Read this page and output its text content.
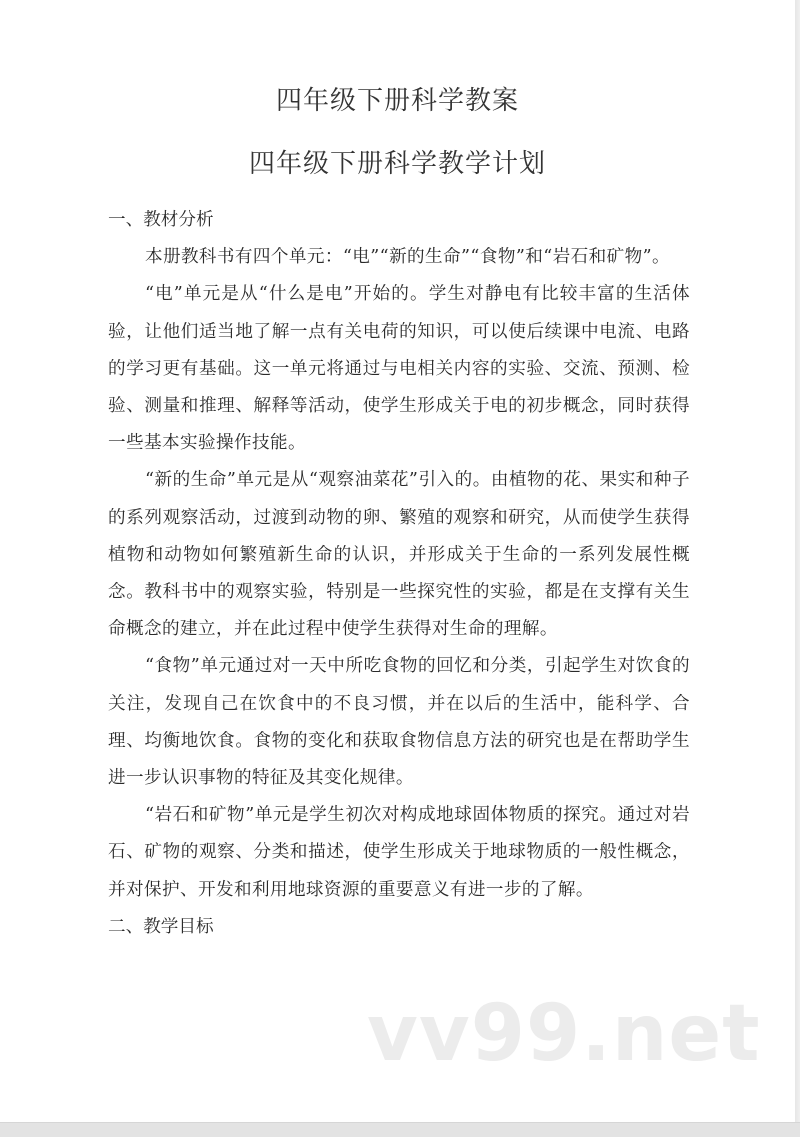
四年级下册科学教案
四年级下册科学教学计划
一、教材分析

本册教科书有四个单元：“电”“新的生命”“食物”和“岩石和矿物”。

“电”单元是从“什么是电”开始的。学生对静电有比较丰富的生活体验，让他们适当地了解一点有关电荷的知识，可以使后续课中电流、电路的学习更有基础。这一单元将通过与电相关内容的实验、交流、预测、检验、测量和推理、解释等活动，使学生形成关于电的初步概念，同时获得一些基本实验操作技能。

“新的生命”单元是从“观察油菜花”引入的。由植物的花、果实和种子的系列观察活动，过渡到动物的卵、繁殖的观察和研究，从而使学生获得植物和动物如何繁殖新生命的认识，并形成关于生命的一系列发展性概念。教科书中的观察实验，特别是一些探究性的实验，都是在支撑有关生命概念的建立，并在此过程中使学生获得对生命的理解。

“食物”单元通过对一天中所吃食物的回忆和分类，引起学生对饮食的关注，发现自己在饮食中的不良习惯，并在以后的生活中，能科学、合理、均衡地饮食。食物的变化和获取食物信息方法的研究也是在帮助学生进一步认识事物的特征及其变化规律。

“岩石和矿物”单元是学生初次对构成地球固体物质的探究。通过对岩石、矿物的观察、分类和描述，使学生形成关于地球物质的一般性概念，并对保护、开发和利用地球资源的重要意义有进一步的了解。

二、教学目标
vv99.net
